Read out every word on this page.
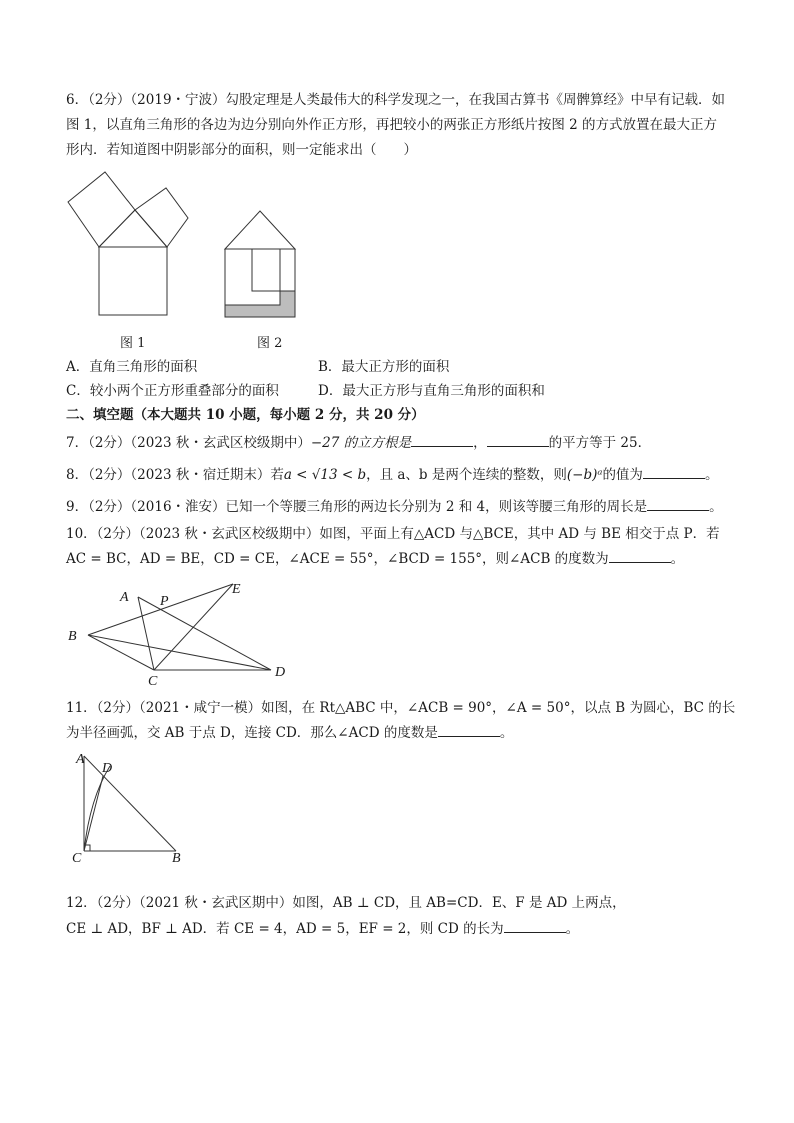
6．（2分）（2019・宁波）勾股定理是人类最伟大的科学发现之一，在我国古算书《周髀算经》中早有记载．如
图 1，以直角三角形的各边为边分别向外作正方形，再把较小的两张正方形纸片按图 2 的方式放置在最大正方
形内．若知道图中阴影部分的面积，则一定能求出（　　）
图 1	图 2
A．直角三角形的面积	B．最大正方形的面积
C．较小两个正方形重叠部分的面积	D．最大正方形与直角三角形的面积和
二、填空题（本大题共 10 小题，每小题 2 分，共 20 分）
7．（2分）（2023 秋・玄武区校级期中）−27 的立方根是	，	的平方等于 25．
8．（2分）（2023 秋・宿迁期末）若a < √13 < b，且 a、b 是两个连续的整数，则(−b)ᵃ的值为	。
9．（2分）（2016・淮安）已知一个等腰三角形的两边长分别为 2 和 4，则该等腰三角形的周长是	。
10．（2分）（2023 秋・玄武区校级期中）如图，平面上有△ACD 与△BCE，其中 AD 与 BE 相交于点 P．若
AC = BC，AD = BE，CD = CE，∠ACE = 55°，∠BCD = 155°，则∠ACB 的度数为	。
A P
E
B
C
D
11．（2分）（2021・咸宁一模）如图，在 Rt△ABC 中，∠ACB = 90°，∠A = 50°，以点 B 为圆心，BC 的长
为半径画弧，交 AB 于点 D，连接 CD．那么∠ACD 的度数是	。
A
D
C	B
12．（2分）（2021 秋・玄武区期中）如图，AB ⊥ CD，且 AB=CD．E、F 是 AD 上两点，
CE ⊥ AD，BF ⊥ AD．若 CE = 4，AD = 5，EF = 2，则 CD 的长为	。
